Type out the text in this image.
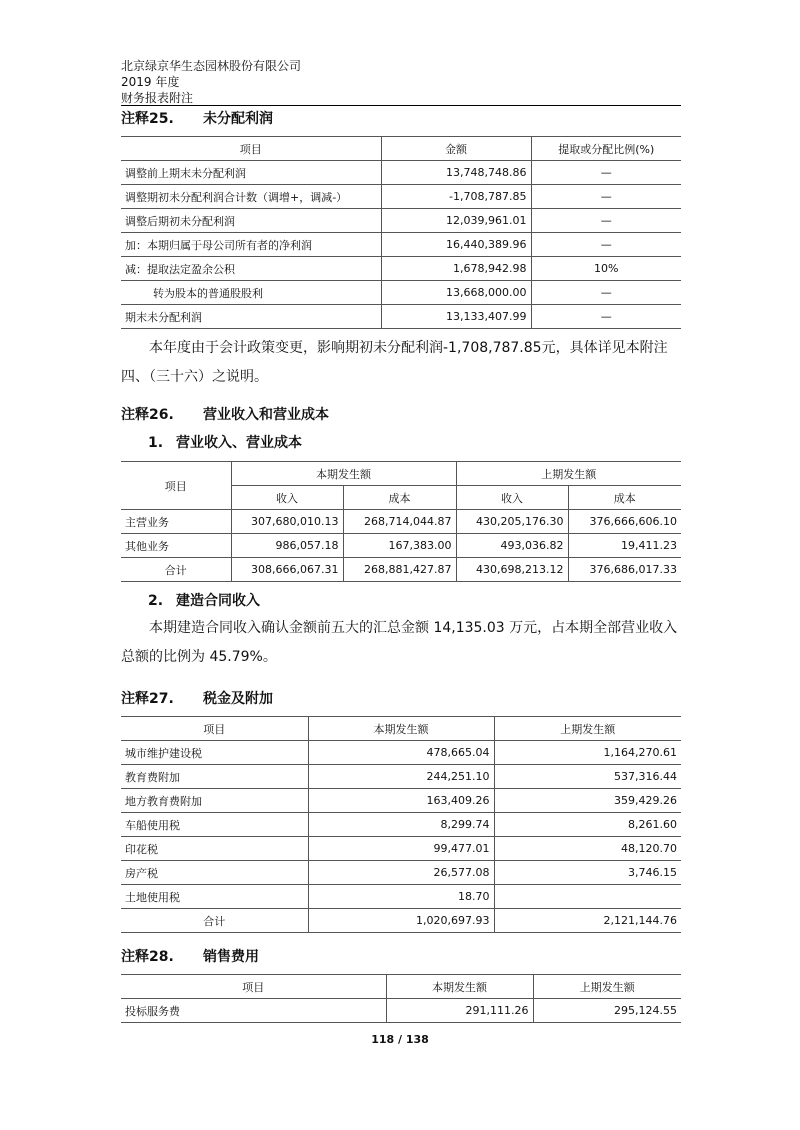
北京绿京华生态园林股份有限公司
2019 年度
财务报表附注
注释25. 未分配利润
项目	金额	提取或分配比例(%)
调整前上期末未分配利润	13,748,748.86	—
调整期初未分配利润合计数（调增+，调减-）	-1,708,787.85	—
调整后期初未分配利润	12,039,961.01	—
加：本期归属于母公司所有者的净利润	16,440,389.96	—
减：提取法定盈余公积	1,678,942.98	10%
转为股本的普通股股利	13,668,000.00	—
期末未分配利润	13,133,407.99	—
本年度由于会计政策变更，影响期初未分配利润-1,708,787.85元，具体详见本附注四、（三十六）之说明。
注释26. 营业收入和营业成本
1. 营业收入、营业成本
项目	本期发生额		上期发生额	
	收入	成本	收入	成本
主营业务	307,680,010.13	268,714,044.87	430,205,176.30	376,666,606.10
其他业务	986,057.18	167,383.00	493,036.82	19,411.23
合计	308,666,067.31	268,881,427.87	430,698,213.12	376,686,017.33
2. 建造合同收入
本期建造合同收入确认金额前五大的汇总金额 14,135.03 万元，占本期全部营业收入总额的比例为 45.79%。
注释27. 税金及附加
项目	本期发生额	上期发生额
城市维护建设税	478,665.04	1,164,270.61
教育费附加	244,251.10	537,316.44
地方教育费附加	163,409.26	359,429.26
车船使用税	8,299.74	8,261.60
印花税	99,477.01	48,120.70
房产税	26,577.08	3,746.15
土地使用税	18.70	
合计	1,020,697.93	2,121,144.76
注释28. 销售费用
项目	本期发生额	上期发生额
投标服务费	291,111.26	295,124.55
118 / 138
